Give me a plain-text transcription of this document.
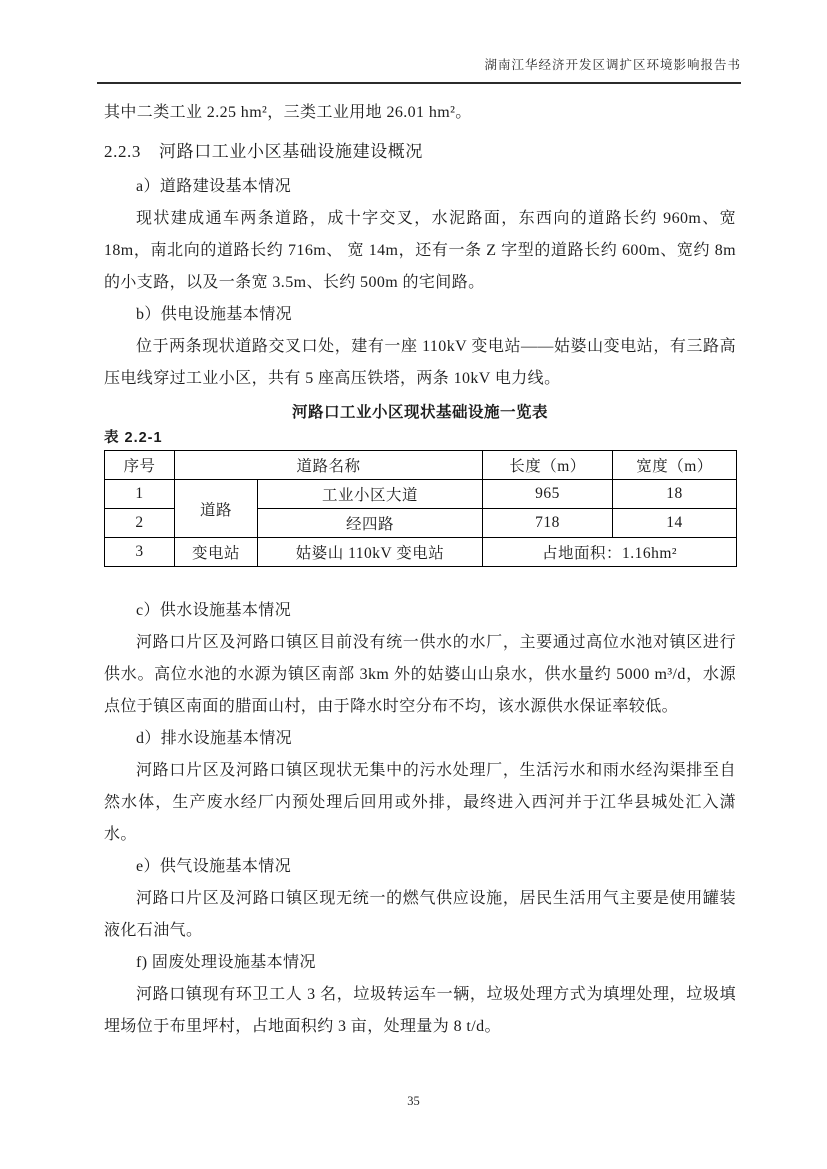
湖南江华经济开发区调扩区环境影响报告书

其中二类工业 2.25 hm²，三类工业用地 26.01 hm²。

2.2.3 河路口工业小区基础设施建设概况

a）道路建设基本情况

现状建成通车两条道路，成十字交叉，水泥路面，东西向的道路长约 960m、宽 18m，南北向的道路长约 716m、 宽 14m，还有一条 Z 字型的道路长约 600m、宽约 8m 的小支路，以及一条宽 3.5m、长约 500m 的宅间路。

b）供电设施基本情况

位于两条现状道路交叉口处，建有一座 110kV 变电站——姑婆山变电站，有三路高压电线穿过工业小区，共有 5 座高压铁塔，两条 10kV 电力线。

河路口工业小区现状基础设施一览表
表 2.2-1
序号	道路名称		长度（m）	宽度（m）
1	道路	工业小区大道	965	18
2		经四路	718	14
3	变电站	姑婆山 110kV 变电站	占地面积：1.16hm²	

c）供水设施基本情况

河路口片区及河路口镇区目前没有统一供水的水厂，主要通过高位水池对镇区进行供水。高位水池的水源为镇区南部 3km 外的姑婆山山泉水，供水量约 5000 m³/d，水源点位于镇区南面的腊面山村，由于降水时空分布不均，该水源供水保证率较低。

d）排水设施基本情况

河路口片区及河路口镇区现状无集中的污水处理厂，生活污水和雨水经沟渠排至自然水体，生产废水经厂内预处理后回用或外排，最终进入西河并于江华县城处汇入潇水。

e）供气设施基本情况

河路口片区及河路口镇区现无统一的燃气供应设施，居民生活用气主要是使用罐装液化石油气。

f) 固废处理设施基本情况

河路口镇现有环卫工人 3 名，垃圾转运车一辆，垃圾处理方式为填埋处理，垃圾填埋场位于布里坪村，占地面积约 3 亩，处理量为 8 t/d。

35
